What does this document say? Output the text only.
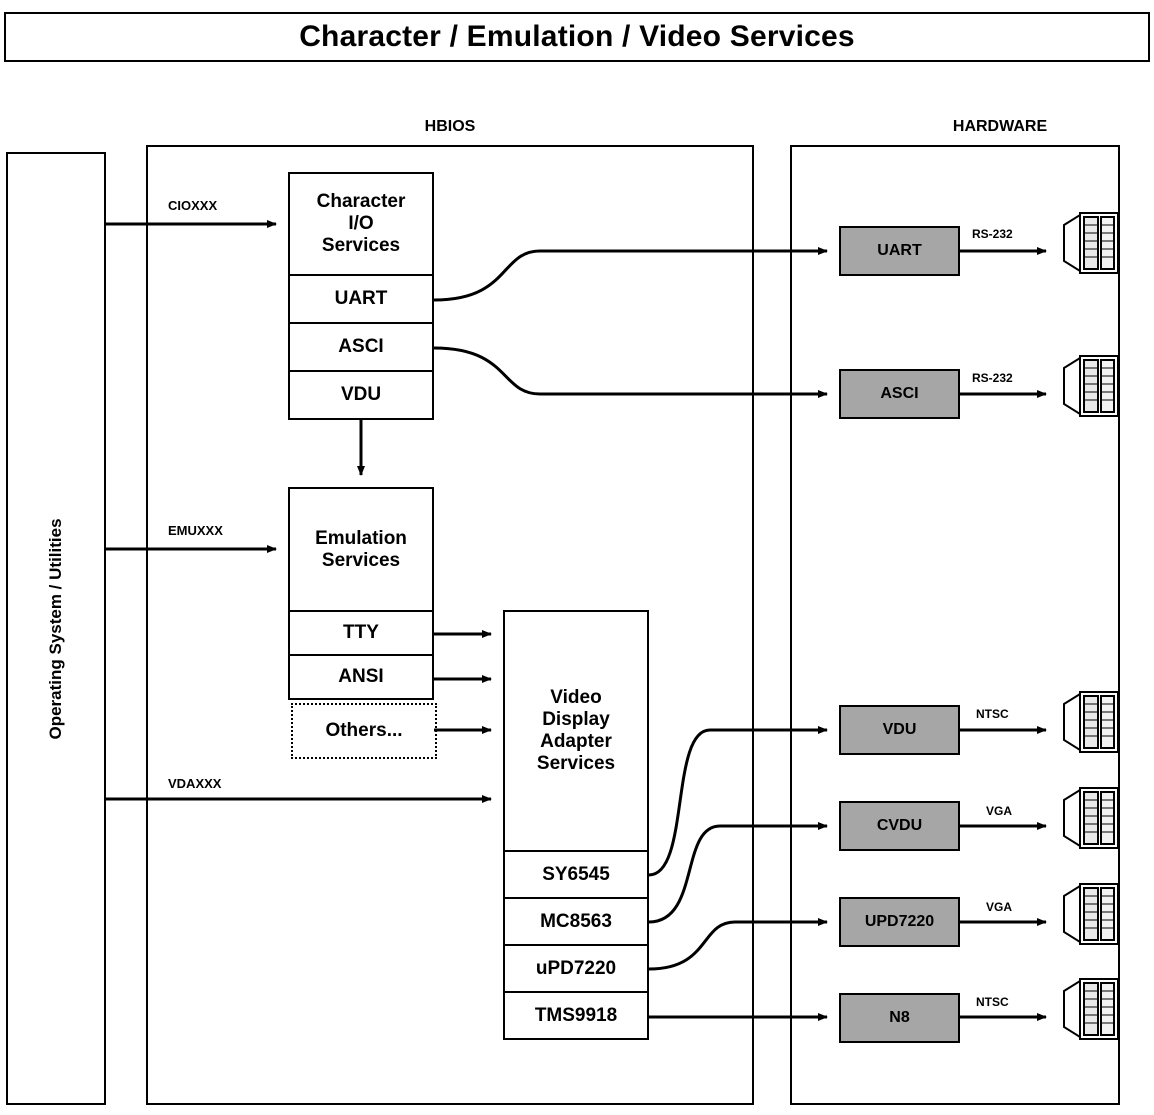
Character / Emulation / Video Services
HBIOS	HARDWARE
Operating System / Utilities
Character
I/O
Services
UART
ASCI
VDU
Emulation
Services
TTY
ANSI
Others...
Video
Display
Adapter
Services
SY6545
MC8563
uPD7220
TMS9918
UART
ASCI
VDU
CVDU
UPD7220
N8
RS-232
RS-232
NTSC
VGA
VGA
NTSC
CIOXXX
EMUXXX
VDAXXX
